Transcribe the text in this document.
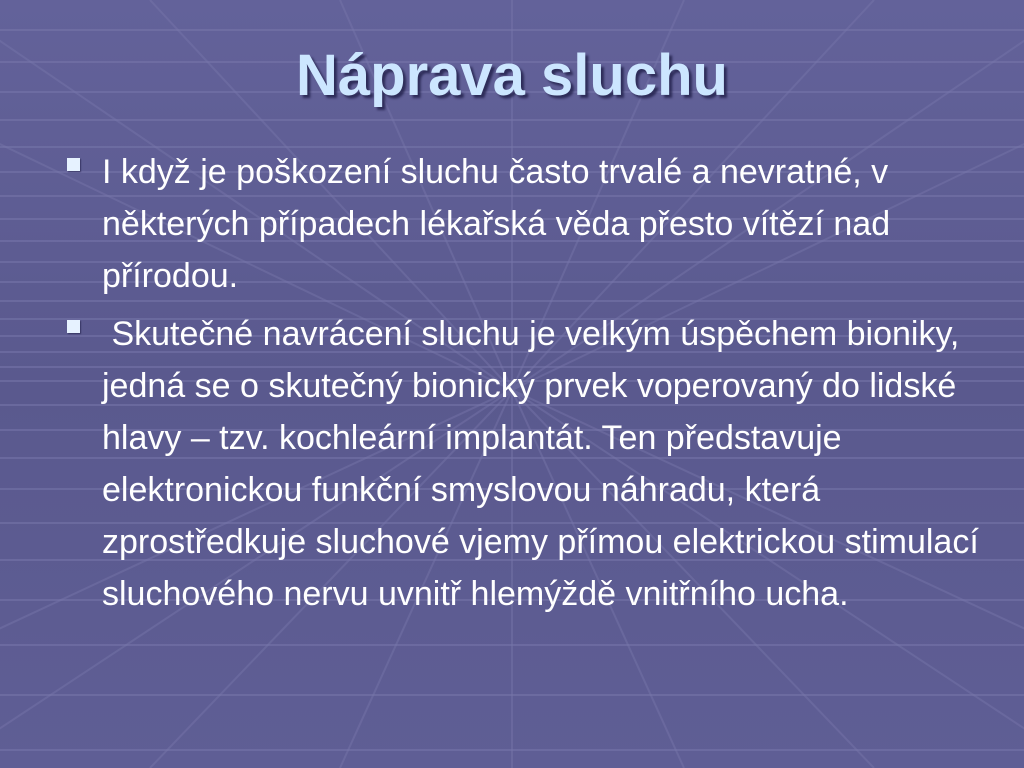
Náprava sluchu
I když je poškození sluchu často trvalé a nevratné, v některých případech lékařská věda přesto vítězí nad přírodou.
Skutečné navrácení sluchu je velkým úspěchem bioniky, jedná se o skutečný bionický prvek voperovaný do lidské hlavy – tzv. kochleární implantát. Ten představuje elektronickou funkční smyslovou náhradu, která zprostředkuje sluchové vjemy přímou elektrickou stimulací sluchového nervu uvnitř hlemýždě vnitřního ucha.
